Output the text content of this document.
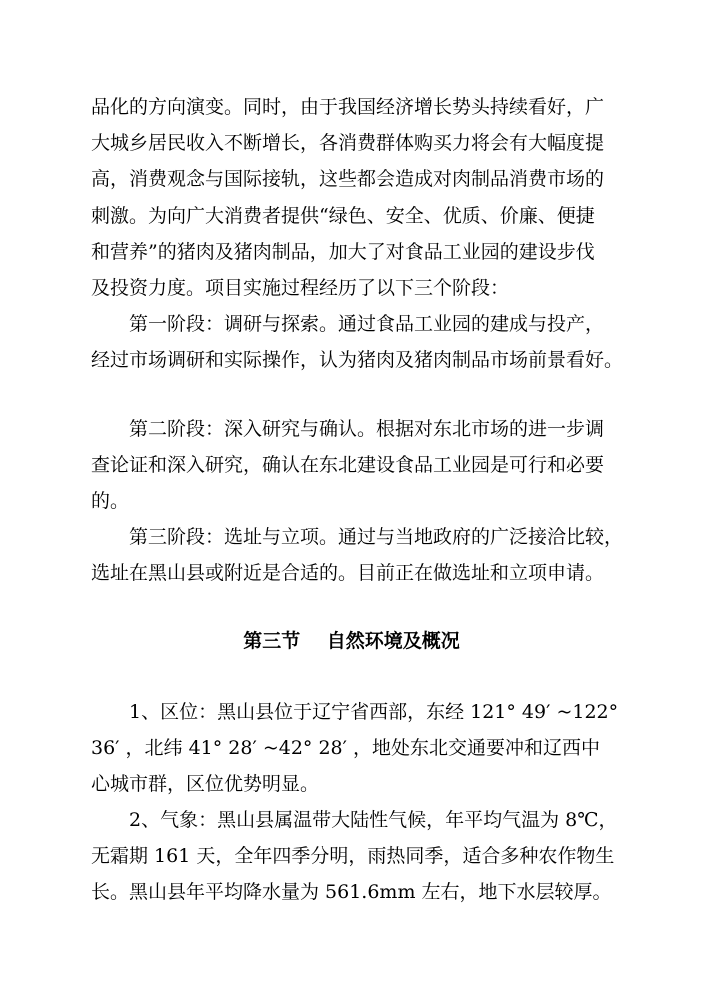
品化的方向演变。同时，由于我国经济增长势头持续看好，广
大城乡居民收入不断增长，各消费群体购买力将会有大幅度提
高，消费观念与国际接轨，这些都会造成对肉制品消费市场的
刺激。为向广大消费者提供“绿色、安全、优质、价廉、便捷
和营养”的猪肉及猪肉制品，加大了对食品工业园的建设步伐
及投资力度。项目实施过程经历了以下三个阶段：
第一阶段：调研与探索。通过食品工业园的建成与投产，
经过市场调研和实际操作，认为猪肉及猪肉制品市场前景看好。
第二阶段：深入研究与确认。根据对东北市场的进一步调
查论证和深入研究，确认在东北建设食品工业园是可行和必要
的。
第三阶段：选址与立项。通过与当地政府的广泛接洽比较，
选址在黑山县或附近是合适的。目前正在做选址和立项申请。
第三节    自然环境及概况
1、区位：黑山县位于辽宁省西部，东经 121° 49′ ~122°
36′ ，北纬 41° 28′ ~42° 28′ ，地处东北交通要冲和辽西中
心城市群，区位优势明显。
2、气象：黑山县属温带大陆性气候，年平均气温为 8℃，
无霜期 161 天，全年四季分明，雨热同季，适合多种农作物生
长。黑山县年平均降水量为 561.6mm 左右，地下水层较厚。
